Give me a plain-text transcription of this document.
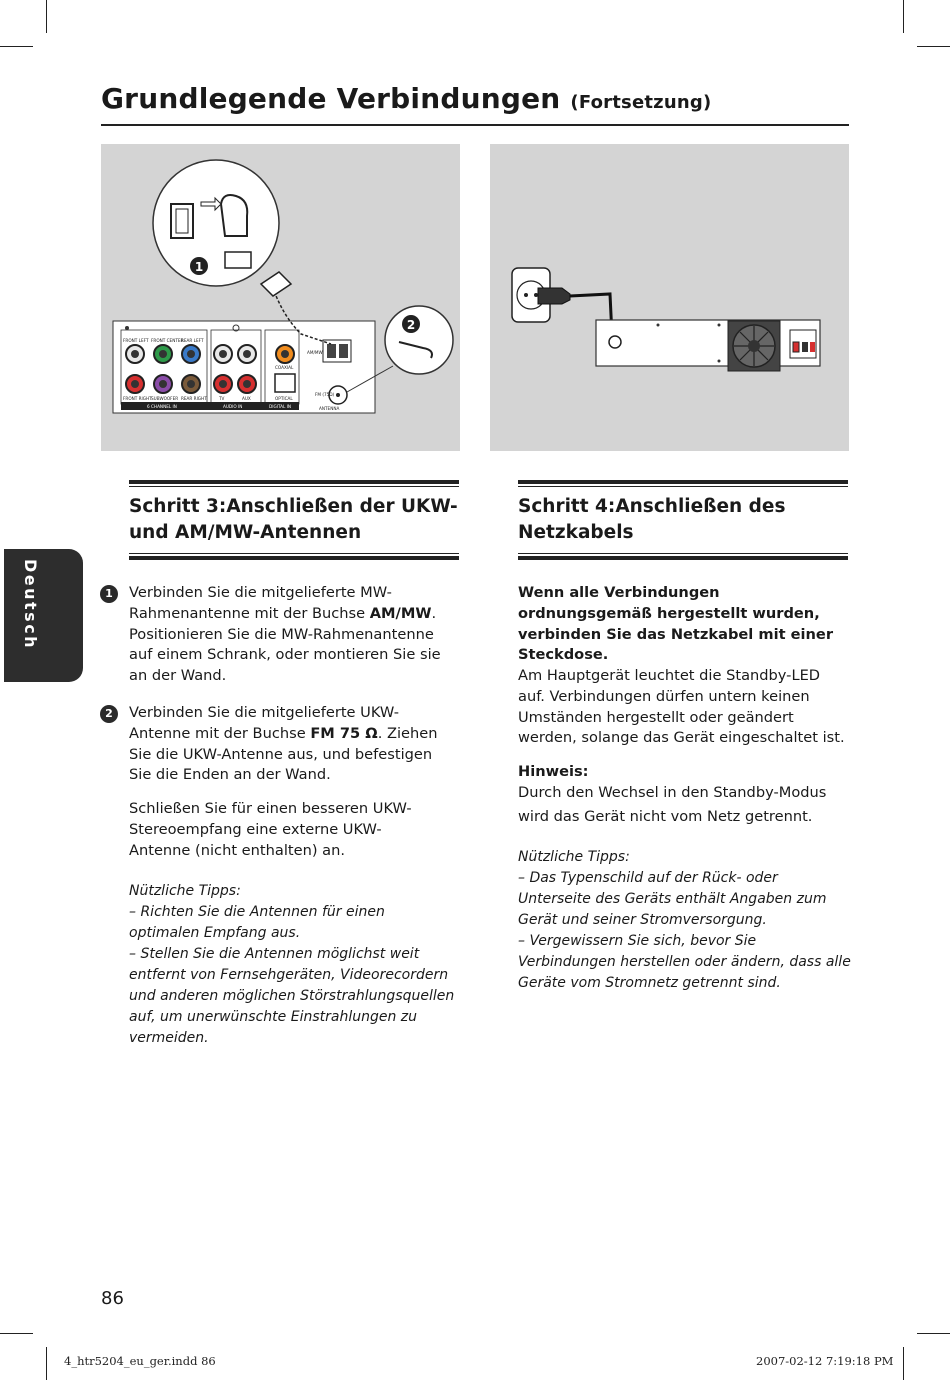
Grundlegende Verbindungen (Fortsetzung)
1
2
FRONT LEFT FRONT CENTER
REAR LEFT
FRONT RIGHT SUBWOOFER REAR RIGHT	TV	AUX
COAXIAL
OPTICAL
AM/MW
FM (75Ω)
ANTENNA
6 CHANNEL IN	AUDIO IN	DIGITAL IN
Deutsch
Schritt 3:Anschließen der UKW-
und AM/MW-Antennen
Schritt 4:Anschließen des
Netzkabels
1	Verbinden Sie die mitgelieferte MW-Rahmenantenne mit der Buchse AM/MW. Positionieren Sie die MW-Rahmenantenne auf einem Schrank, oder montieren Sie sie an der Wand.
2	Verbinden Sie die mitgelieferte UKW-Antenne mit der Buchse FM 75 Ω. Ziehen Sie die UKW-Antenne aus, und befestigen Sie die Enden an der Wand.
Schließen Sie für einen besseren UKW-Stereoempfang eine externe UKW-Antenne (nicht enthalten) an.
Nützliche Tipps:
– Richten Sie die Antennen für einen optimalen Empfang aus.
– Stellen Sie die Antennen möglichst weit entfernt von Fernsehgeräten, Videorecordern und anderen möglichen Störstrahlungsquellen auf, um unerwünschte Einstrahlungen zu vermeiden.
Wenn alle Verbindungen ordnungsgemäß hergestellt wurden, verbinden Sie das Netzkabel mit einer Steckdose.
Am Hauptgerät leuchtet die Standby-LED auf. Verbindungen dürfen untern keinen Umständen hergestellt oder geändert werden, solange das Gerät eingeschaltet ist.
Hinweis:
Durch den Wechsel in den Standby-Modus
wird das Gerät nicht vom Netz getrennt.
Nützliche Tipps:
– Das Typenschild auf der Rück- oder Unterseite des Geräts enthält Angaben zum Gerät und seiner Stromversorgung.
– Vergewissern Sie sich, bevor Sie Verbindungen herstellen oder ändern, dass alle Geräte vom Stromnetz getrennt sind.
86
4_htr5204_eu_ger.indd 86	2007-02-12 7:19:18 PM
